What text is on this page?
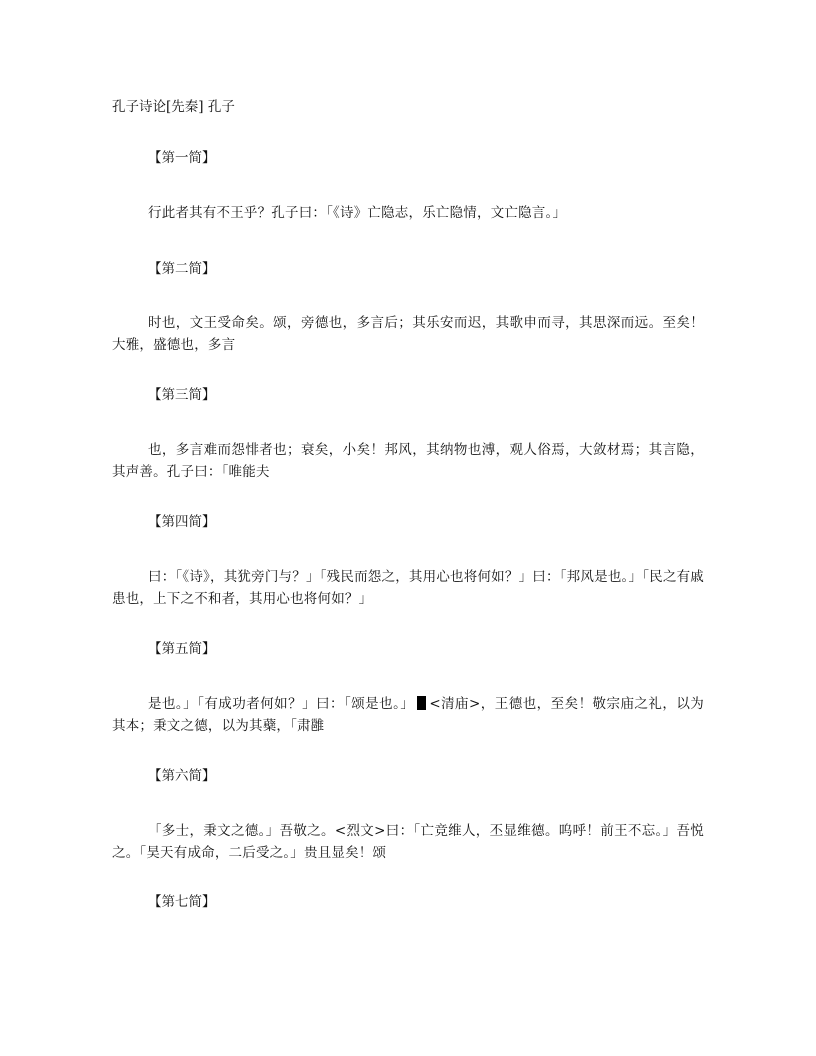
孔子诗论[先秦] 孔子
【第一简】
行此者其有不王乎？孔子曰：「《诗》亡隐志，乐亡隐情，文亡隐言。」
【第二简】
时也，文王受命矣。颂，旁德也，多言后；其乐安而迟，其歌申而寻，其思深而远。至矣！大雅，盛德也，多言
【第三简】
也，多言难而怨悱者也；衰矣，小矣！邦风，其纳物也溥，观人俗焉，大敛材焉；其言隐，其声善。孔子曰：「唯能夫
【第四简】
曰：「《诗》，其犹旁门与？」「残民而怨之，其用心也将何如？」曰：「邦风是也。」「民之有戚患也，上下之不和者，其用心也将何如？」
【第五简】
是也。」「有成功者何如？」曰：「颂是也。」 <清庙>，王德也，至矣！敬宗庙之礼，以为其本；秉文之德，以为其蘗，「肃雝
【第六简】
「多士，秉文之德。」吾敬之。<烈文>曰：「亡竞维人，丕显维德。呜呼！前王不忘。」吾悦之。「昊天有成命，二后受之。」贵且显矣！颂
【第七简】
